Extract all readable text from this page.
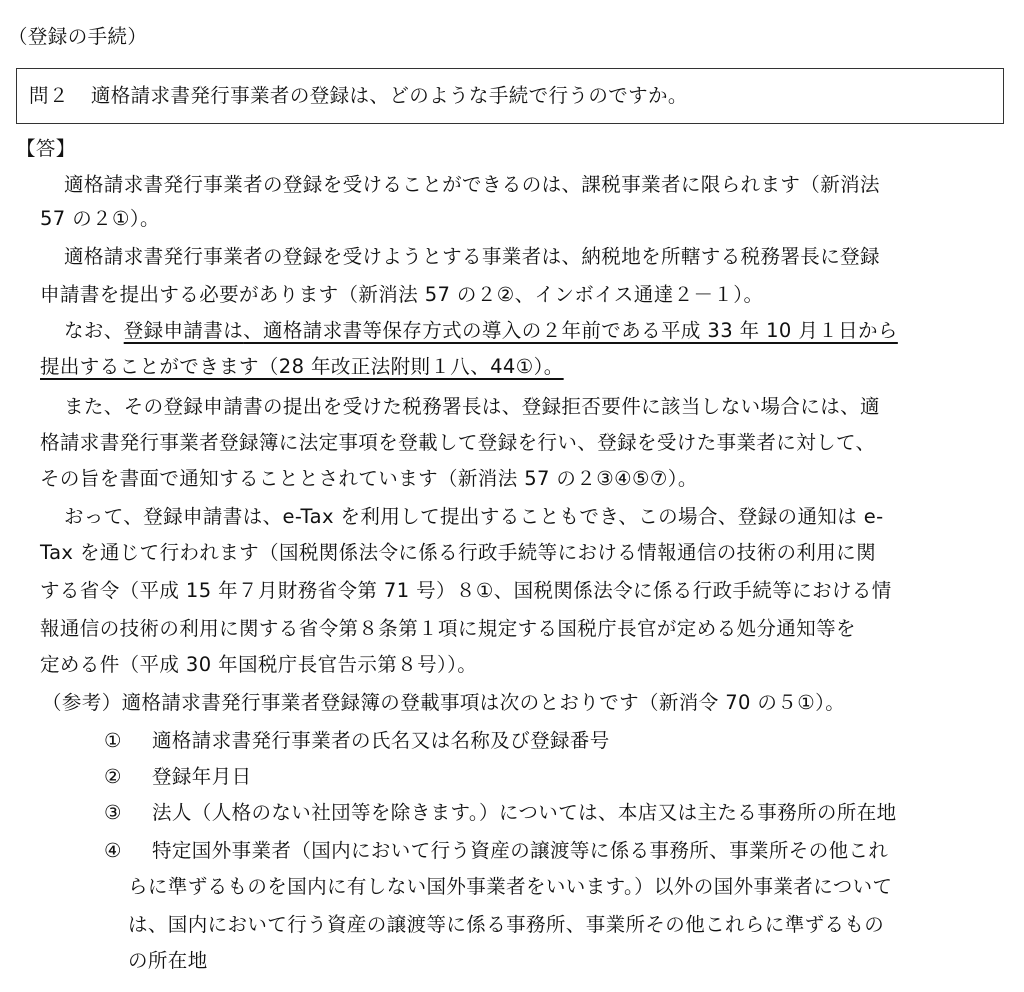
（登録の手続）
問２ 適格請求書発行事業者の登録は、どのような手続で行うのですか。
【答】
適格請求書発行事業者の登録を受けることができるのは、課税事業者に限られます（新消法
57 の２①）。
適格請求書発行事業者の登録を受けようとする事業者は、納税地を所轄する税務署長に登録
申請書を提出する必要があります（新消法 57 の２②、インボイス通達２－１）。
なお、登録申請書は、適格請求書等保存方式の導入の２年前である平成 33 年 10 月１日から
提出することができます（28 年改正法附則１八、44①）。
また、その登録申請書の提出を受けた税務署長は、登録拒否要件に該当しない場合には、適
格請求書発行事業者登録簿に法定事項を登載して登録を行い、登録を受けた事業者に対して、
その旨を書面で通知することとされています（新消法 57 の２③④⑤⑦）。
おって、登録申請書は、e-Tax を利用して提出することもでき、この場合、登録の通知は e-
Tax を通じて行われます（国税関係法令に係る行政手続等における情報通信の技術の利用に関
する省令（平成 15 年７月財務省令第 71 号）８①、国税関係法令に係る行政手続等における情
報通信の技術の利用に関する省令第８条第１項に規定する国税庁長官が定める処分通知等を
定める件（平成 30 年国税庁長官告示第８号））。
（参考）適格請求書発行事業者登録簿の登載事項は次のとおりです（新消令 70 の５①）。
① 適格請求書発行事業者の氏名又は名称及び登録番号
② 登録年月日
③ 法人（人格のない社団等を除きます。）については、本店又は主たる事務所の所在地
④ 特定国外事業者（国内において行う資産の譲渡等に係る事務所、事業所その他これ
らに準ずるものを国内に有しない国外事業者をいいます。）以外の国外事業者について
は、国内において行う資産の譲渡等に係る事務所、事業所その他これらに準ずるもの
の所在地
